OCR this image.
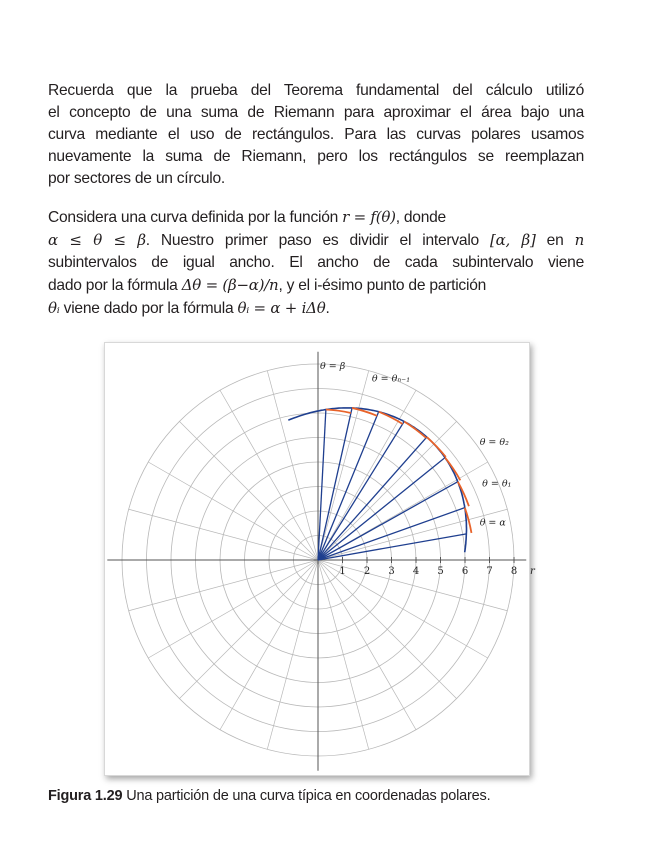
Recuerda que la prueba del Teorema fundamental del cálculo utilizó
el concepto de una suma de Riemann para aproximar el área bajo una
curva mediante el uso de rectángulos. Para las curvas polares usamos
nuevamente la suma de Riemann, pero los rectángulos se reemplazan
por sectores de un círculo.
Considera una curva definida por la función r = f(θ), donde
α ≤ θ ≤ β. Nuestro primer paso es dividir el intervalo [α, β] en n
subintervalos de igual ancho. El ancho de cada subintervalo viene
dado por la fórmula Δθ = (β−α)/n, y el i-ésimo punto de partición
θᵢ viene dado por la fórmula θᵢ = α + iΔθ.
1 2 3 4 5 6 7 8 r
θ = β
θ = θₙ₋₁
θ = θ₂
θ = θ₁
θ = α
Figura 1.29 Una partición de una curva típica en coordenadas polares.
